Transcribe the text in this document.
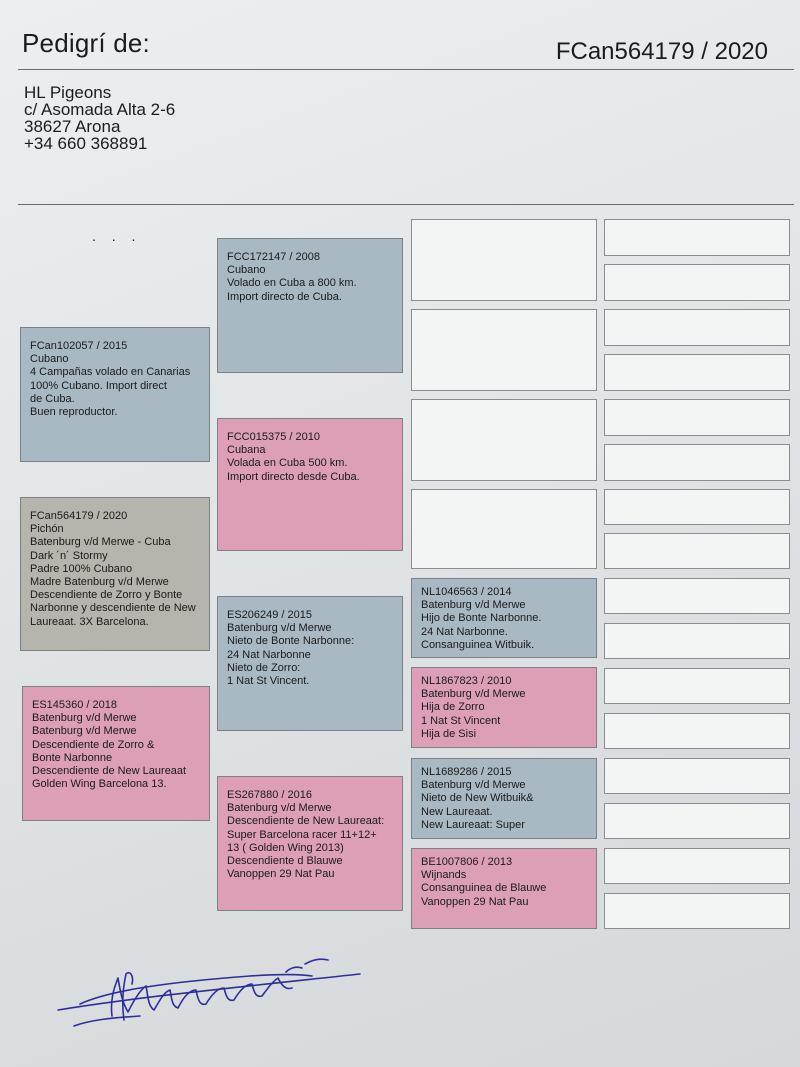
Pedigrí de:	FCan564179 / 2020
HL Pigeons
c/ Asomada Alta 2-6
38627 Arona
+34 660 368891
. . .
FCan564179 / 2020
Pichón
Batenburg v/d Merwe - Cuba
Dark ´n´ Stormy
Padre 100% Cubano
Madre Batenburg v/d Merwe
Descendiente de Zorro y Bonte
Narbonne y descendiente de New
Laureaat. 3X Barcelona.
FCan102057 / 2015
Cubano
4 Campañas volado en Canarias
100% Cubano. Import direct
de Cuba.
Buen reproductor.
ES145360 / 2018
Batenburg v/d Merwe
Batenburg v/d Merwe
Descendiente de Zorro &
Bonte Narbonne
Descendiente de New Laureaat
Golden Wing Barcelona 13.
FCC172147 / 2008
Cubano
Volado en Cuba a 800 km.
Import directo de Cuba.
FCC015375 / 2010
Cubana
Volada en Cuba 500 km.
Import directo desde Cuba.
ES206249 / 2015
Batenburg v/d Merwe
Nieto de Bonte Narbonne:
24 Nat Narbonne
Nieto de Zorro:
1 Nat St Vincent.
ES267880 / 2016
Batenburg v/d Merwe
Descendiente de New Laureaat:
Super Barcelona racer 11+12+
13 ( Golden Wing 2013)
Descendiente d Blauwe
Vanoppen 29 Nat Pau
NL1046563 / 2014
Batenburg v/d Merwe
Hijo de Bonte Narbonne.
24 Nat Narbonne.
Consanguinea Witbuik.
NL1867823 / 2010
Batenburg v/d Merwe
Hija de Zorro
1 Nat St Vincent
Hija de Sisi
NL1689286 / 2015
Batenburg v/d Merwe
Nieto de New Witbuik&
New Laureaat.
New Laureaat: Super
BE1007806 / 2013
Wijnands
Consanguinea de Blauwe
Vanoppen 29 Nat Pau
